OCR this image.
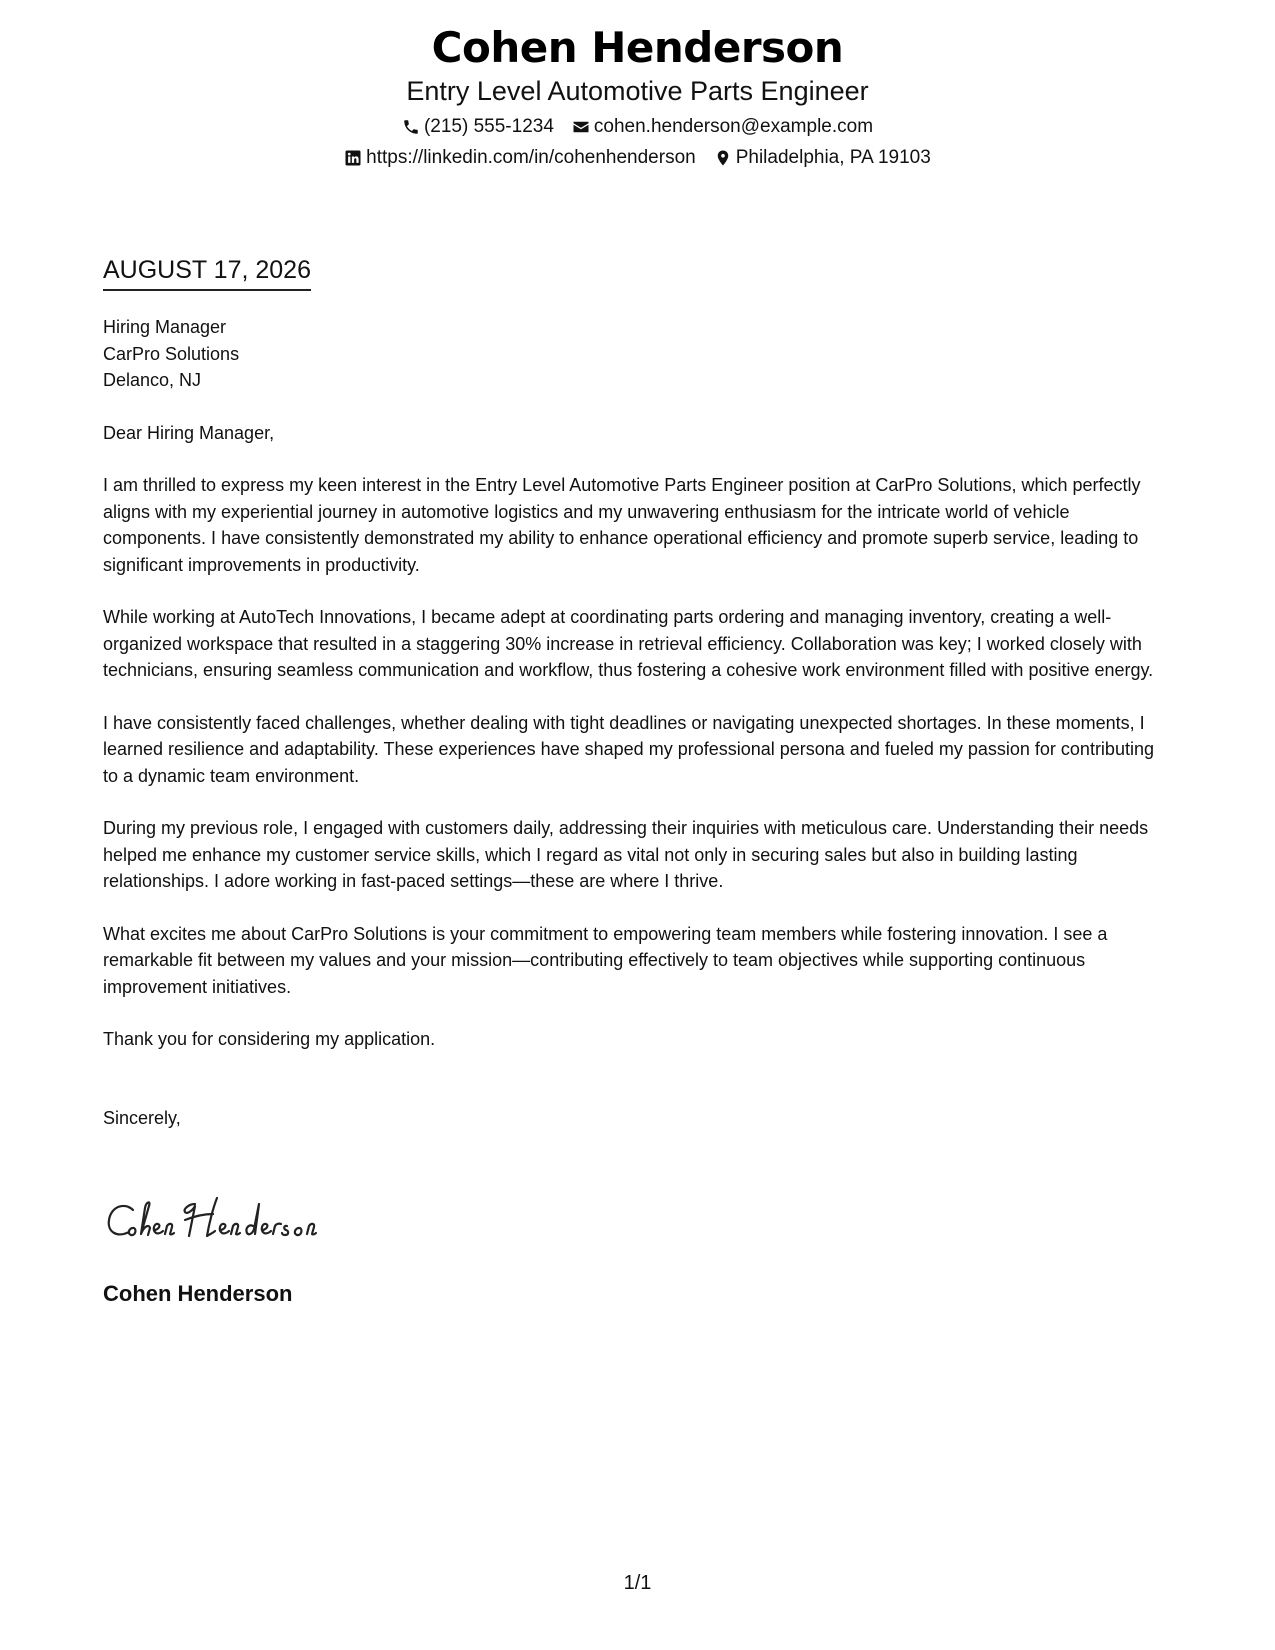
Cohen Henderson
Entry Level Automotive Parts Engineer
(215) 555-1234 cohen.henderson@example.com
https://linkedin.com/in/cohenhenderson Philadelphia, PA 19103
AUGUST 17, 2026

Hiring Manager

CarPro Solutions

Delanco, NJ

Dear Hiring Manager,

I am thrilled to express my keen interest in the Entry Level Automotive Parts Engineer position at CarPro Solutions, which perfectly aligns with my experiential journey in automotive logistics and my unwavering enthusiasm for the intricate world of vehicle components. I have consistently demonstrated my ability to enhance operational efficiency and promote superb service, leading to significant improvements in productivity.

While working at AutoTech Innovations, I became adept at coordinating parts ordering and managing inventory, creating a well-organized workspace that resulted in a staggering 30% increase in retrieval efficiency. Collaboration was key; I worked closely with technicians, ensuring seamless communication and workflow, thus fostering a cohesive work environment filled with positive energy.

I have consistently faced challenges, whether dealing with tight deadlines or navigating unexpected shortages. In these moments, I learned resilience and adaptability. These experiences have shaped my professional persona and fueled my passion for contributing to a dynamic team environment.

During my previous role, I engaged with customers daily, addressing their inquiries with meticulous care. Understanding their needs helped me enhance my customer service skills, which I regard as vital not only in securing sales but also in building lasting relationships. I adore working in fast-paced settings—these are where I thrive.

What excites me about CarPro Solutions is your commitment to empowering team members while fostering innovation. I see a remarkable fit between my values and your mission—contributing effectively to team objectives while supporting continuous improvement initiatives.

Thank you for considering my application.

Sincerely,

Cohen Henderson
1/1
